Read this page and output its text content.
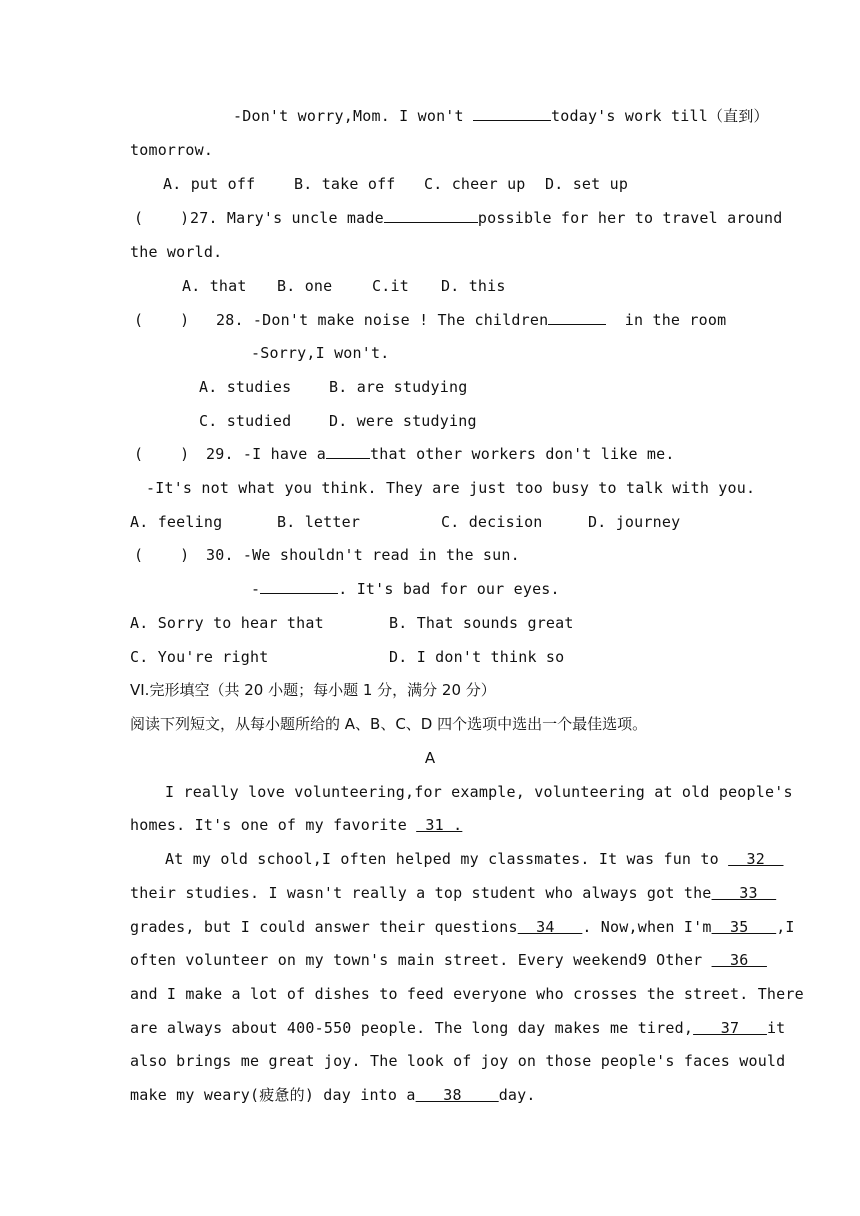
-Don't worry,Mom. I won't	today's work till（直到）
tomorrow.
A. put off	B. take off C. cheer up D. set up
(    ) 27. Mary's uncle made	possible for her to travel around
the world.
A. that B. one	C.it D. this
(    ) 28. -Don't make noise ! The children	in the room
-Sorry,I won't.
A. studies	B. are studying
C. studied	D. were studying
(    ) 29. -I have a	that other workers don't like me.
-It's not what you think. They are just too busy to talk with you.
A. feeling	B. letter	C. decision	D. journey
(    ) 30. -We shouldn't read in the sun.
-	. It's bad for our eyes.
A. Sorry to hear that	B. That sounds great
C. You're right	D. I don't think so
VI.完形填空（共 20 小题；每小题 1 分，满分 20 分）
阅读下列短文，从每小题所给的 A、B、C、D 四个选项中选出一个最佳选项。
A
I really love volunteering,for example, volunteering at old people's
homes. It's one of my favorite  31 .
At my old school,I often helped my classmates. It was fun to   32
their studies. I wasn't really a top student who always got the   33
grades, but I could answer their questions  34   . Now,when I'm  35   ,I
often volunteer on my town's main street. Every weekend9 Other   36
and I make a lot of dishes to feed everyone who crosses the street. There
are always about 400-550 people. The long day makes me tired,   37   it
also brings me great joy. The look of joy on those people's faces would
make my weary(疲惫的) day into a   38    day.
